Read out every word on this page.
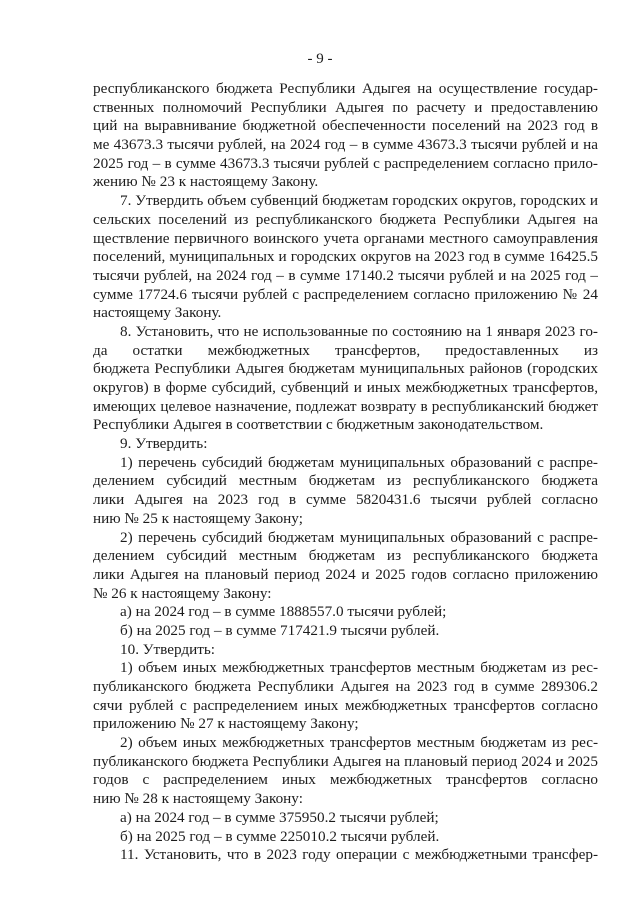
- 9 -
республиканского бюджета Республики Адыгея на осуществление государ-
ственных полномочий Республики Адыгея по расчету и предоставлению
ций на выравнивание бюджетной обеспеченности поселений на 2023 год в
ме 43673.3 тысячи рублей, на 2024 год – в сумме 43673.3 тысячи рублей и на
2025 год – в сумме 43673.3 тысячи рублей с распределением согласно прило-
жению № 23 к настоящему Закону.
7. Утвердить объем субвенций бюджетам городских округов, городских и
сельских поселений из республиканского бюджета Республики Адыгея на
ществление первичного воинского учета органами местного самоуправления
поселений, муниципальных и городских округов на 2023 год в сумме 16425.5
тысячи рублей, на 2024 год – в сумме 17140.2 тысячи рублей и на 2025 год –
сумме 17724.6 тысячи рублей с распределением согласно приложению № 24
настоящему Закону.
8. Установить, что не использованные по состоянию на 1 января 2023 го-
да остатки межбюджетных трансфертов, предоставленных из
бюджета Республики Адыгея бюджетам муниципальных районов (городских
округов) в форме субсидий, субвенций и иных межбюджетных трансфертов,
имеющих целевое назначение, подлежат возврату в республиканский бюджет
Республики Адыгея в соответствии с бюджетным законодательством.
9. Утвердить:
1) перечень субсидий бюджетам муниципальных образований с распре-
делением субсидий местным бюджетам из республиканского бюджета
лики Адыгея на 2023 год в сумме 5820431.6 тысячи рублей согласно
нию № 25 к настоящему Закону;
2) перечень субсидий бюджетам муниципальных образований с распре-
делением субсидий местным бюджетам из республиканского бюджета
лики Адыгея на плановый период 2024 и 2025 годов согласно приложению
№ 26 к настоящему Закону:
а) на 2024 год – в сумме 1888557.0 тысячи рублей;
б) на 2025 год – в сумме 717421.9 тысячи рублей.
10. Утвердить:
1) объем иных межбюджетных трансфертов местным бюджетам из рес-
публиканского бюджета Республики Адыгея на 2023 год в сумме 289306.2
сячи рублей с распределением иных межбюджетных трансфертов согласно
приложению № 27 к настоящему Закону;
2) объем иных межбюджетных трансфертов местным бюджетам из рес-
публиканского бюджета Республики Адыгея на плановый период 2024 и 2025
годов с распределением иных межбюджетных трансфертов согласно
нию № 28 к настоящему Закону:
а) на 2024 год – в сумме 375950.2 тысячи рублей;
б) на 2025 год – в сумме 225010.2 тысячи рублей.
11. Установить, что в 2023 году операции с межбюджетными трансфер-
